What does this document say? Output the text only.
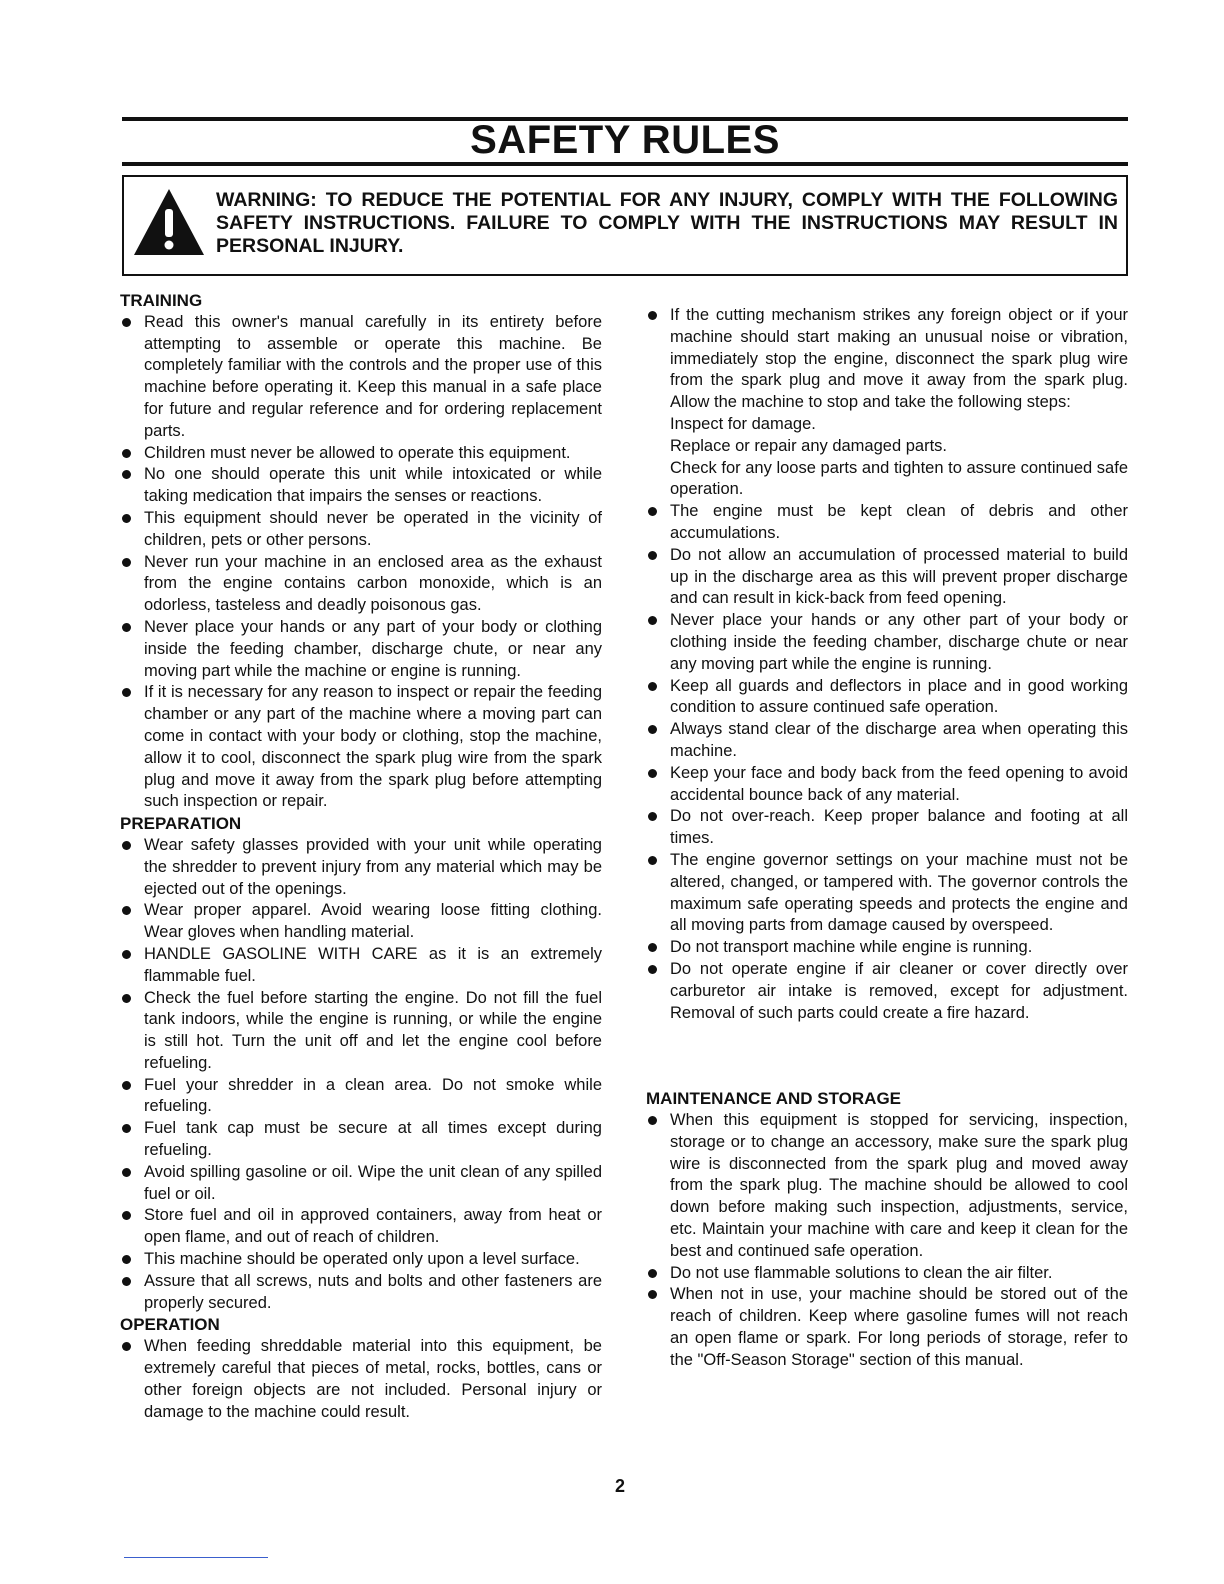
SAFETY RULES
WARNING: TO REDUCE THE POTENTIAL FOR ANY INJURY, COMPLY WITH THE FOLLOWING SAFETY INSTRUCTIONS. FAILURE TO COMPLY WITH THE INSTRUCTIONS MAY RESULT IN PERSONAL INJURY.
TRAINING
Read this owner's manual carefully in its entirety before attempting to assemble or operate this machine. Be completely familiar with the controls and the proper use of this machine before operating it. Keep this manual in a safe place for future and regular reference and for ordering replacement parts.
Children must never be allowed to operate this equipment.
No one should operate this unit while intoxicated or while taking medication that impairs the senses or reactions.
This equipment should never be operated in the vicinity of children, pets or other persons.
Never run your machine in an enclosed area as the exhaust from the engine contains carbon monoxide, which is an odorless, tasteless and deadly poisonous gas.
Never place your hands or any part of your body or clothing inside the feeding chamber, discharge chute, or near any moving part while the machine or engine is running.
If it is necessary for any reason to inspect or repair the feeding chamber or any part of the machine where a moving part can come in contact with your body or clothing, stop the machine, allow it to cool, disconnect the spark plug wire from the spark plug and move it away from the spark plug before attempting such inspection or repair.
PREPARATION
Wear safety glasses provided with your unit while operating the shredder to prevent injury from any material which may be ejected out of the openings.
Wear proper apparel. Avoid wearing loose fitting clothing. Wear gloves when handling material.
HANDLE GASOLINE WITH CARE as it is an extremely flammable fuel.
Check the fuel before starting the engine. Do not fill the fuel tank indoors, while the engine is running, or while the engine is still hot. Turn the unit off and let the engine cool before refueling.
Fuel your shredder in a clean area. Do not smoke while refueling.
Fuel tank cap must be secure at all times except during refueling.
Avoid spilling gasoline or oil. Wipe the unit clean of any spilled fuel or oil.
Store fuel and oil in approved containers, away from heat or open flame, and out of reach of children.
This machine should be operated only upon a level surface.
Assure that all screws, nuts and bolts and other fasteners are properly secured.
OPERATION
When feeding shreddable material into this equipment, be extremely careful that pieces of metal, rocks, bottles, cans or other foreign objects are not included. Personal injury or damage to the machine could result.
If the cutting mechanism strikes any foreign object or if your machine should start making an unusual noise or vibration, immediately stop the engine, disconnect the spark plug wire from the spark plug and move it away from the spark plug. Allow the machine to stop and take the following steps:
Inspect for damage.
Replace or repair any damaged parts.
Check for any loose parts and tighten to assure continued safe operation.
The engine must be kept clean of debris and other accumulations.
Do not allow an accumulation of processed material to build up in the discharge area as this will prevent proper discharge and can result in kick-back from feed opening.
Never place your hands or any other part of your body or clothing inside the feeding chamber, discharge chute or near any moving part while the engine is running.
Keep all guards and deflectors in place and in good working condition to assure continued safe operation.
Always stand clear of the discharge area when operating this machine.
Keep your face and body back from the feed opening to avoid accidental bounce back of any material.
Do not over-reach. Keep proper balance and footing at all times.
The engine governor settings on your machine must not be altered, changed, or tampered with. The governor controls the maximum safe operating speeds and protects the engine and all moving parts from damage caused by overspeed.
Do not transport machine while engine is running.
Do not operate engine if air cleaner or cover directly over carburetor air intake is removed, except for adjustment. Removal of such parts could create a fire hazard.
MAINTENANCE AND STORAGE
When this equipment is stopped for servicing, inspection, storage or to change an accessory, make sure the spark plug wire is disconnected from the spark plug and moved away from the spark plug. The machine should be allowed to cool down before making such inspection, adjustments, service, etc. Maintain your machine with care and keep it clean for the best and continued safe operation.
Do not use flammable solutions to clean the air filter.
When not in use, your machine should be stored out of the reach of children. Keep where gasoline fumes will not reach an open flame or spark. For long periods of storage, refer to the "Off-Season Storage" section of this manual.
2
